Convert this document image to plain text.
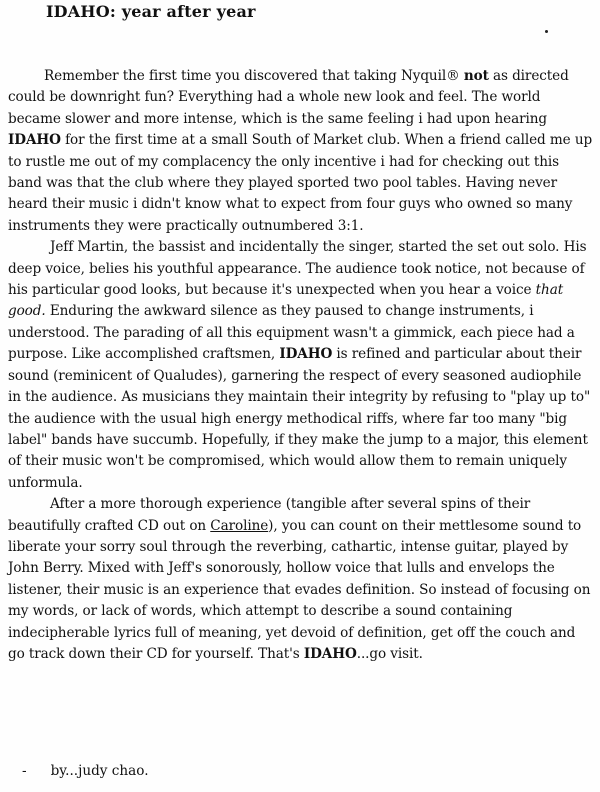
IDAHO: year after year

Remember the first time you discovered that taking Nyquil® not as directed could be downright fun? Everything had a whole new look and feel. The world became slower and more intense, which is the same feeling i had upon hearing IDAHO for the first time at a small South of Market club. When a friend called me up to rustle me out of my complacency the only incentive i had for checking out this band was that the club where they played sported two pool tables. Having never heard their music i didn't know what to expect from four guys who owned so many instruments they were practically outnumbered 3:1.

Jeff Martin, the bassist and incidentally the singer, started the set out solo. His deep voice, belies his youthful appearance. The audience took notice, not because of his particular good looks, but because it's unexpected when you hear a voice that good. Enduring the awkward silence as they paused to change instruments, i understood. The parading of all this equipment wasn't a gimmick, each piece had a purpose. Like accomplished craftsmen, IDAHO is refined and particular about their sound (reminicent of Qualudes), garnering the respect of every seasoned audiophile in the audience. As musicians they maintain their integrity by refusing to "play up to" the audience with the usual high energy methodical riffs, where far too many "big label" bands have succumb. Hopefully, if they make the jump to a major, this element of their music won't be compromised, which would allow them to remain uniquely unformula.

After a more thorough experience (tangible after several spins of their beautifully crafted CD out on Caroline), you can count on their mettlesome sound to liberate your sorry soul through the reverbing, cathartic, intense guitar, played by John Berry. Mixed with Jeff's sonorously, hollow voice that lulls and envelops the listener, their music is an experience that evades definition. So instead of focusing on my words, or lack of words, which attempt to describe a sound containing indecipherable lyrics full of meaning, yet devoid of definition, get off the couch and go track down their CD for yourself. That's IDAHO...go visit.

- by...judy chao.
